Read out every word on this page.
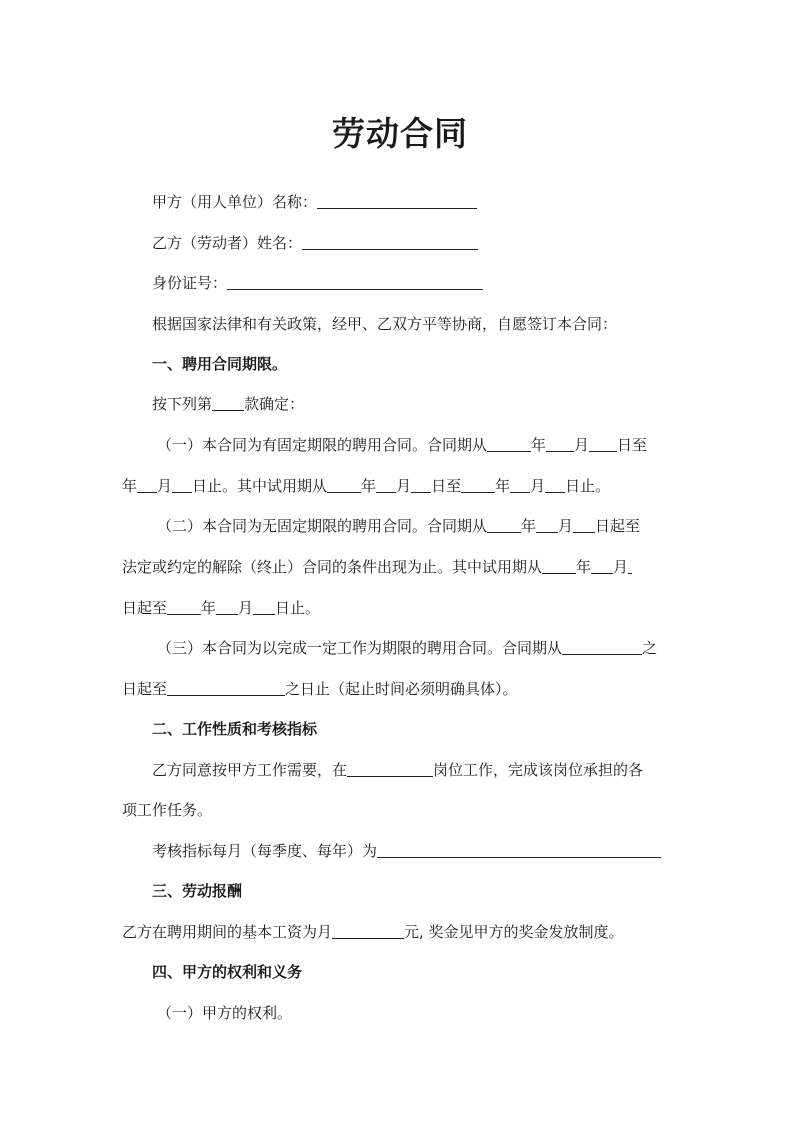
劳动合同
甲方（用人单位）名称：
乙方（劳动者）姓名：
身份证号：
根据国家法律和有关政策，经甲、乙双方平等协商，自愿签订本合同：
一、聘用合同期限。
按下列第 款确定：
（一）本合同为有固定期限的聘用合同。合同期从	年 月 日至
年 月 日止。其中试用期从 年 月 日至 年 月 日止。
（二）本合同为无固定期限的聘用合同。合同期从 年 月 日起至
法定或约定的解除（终止）合同的条件出现为止。其中试用期从 年 月
日起至 年 月 日止。
（三）本合同为以完成一定工作为期限的聘用合同。合同期从	之
日起至	之日止（起止时间必须明确具体）。
二、工作性质和考核指标
乙方同意按甲方工作需要，在	岗位工作，完成该岗位承担的各
项工作任务。
考核指标每月（每季度、每年）为
三、劳动报酬
乙方在聘用期间的基本工资为月	元, 奖金见甲方的奖金发放制度。
四、甲方的权利和义务
（一）甲方的权利。
